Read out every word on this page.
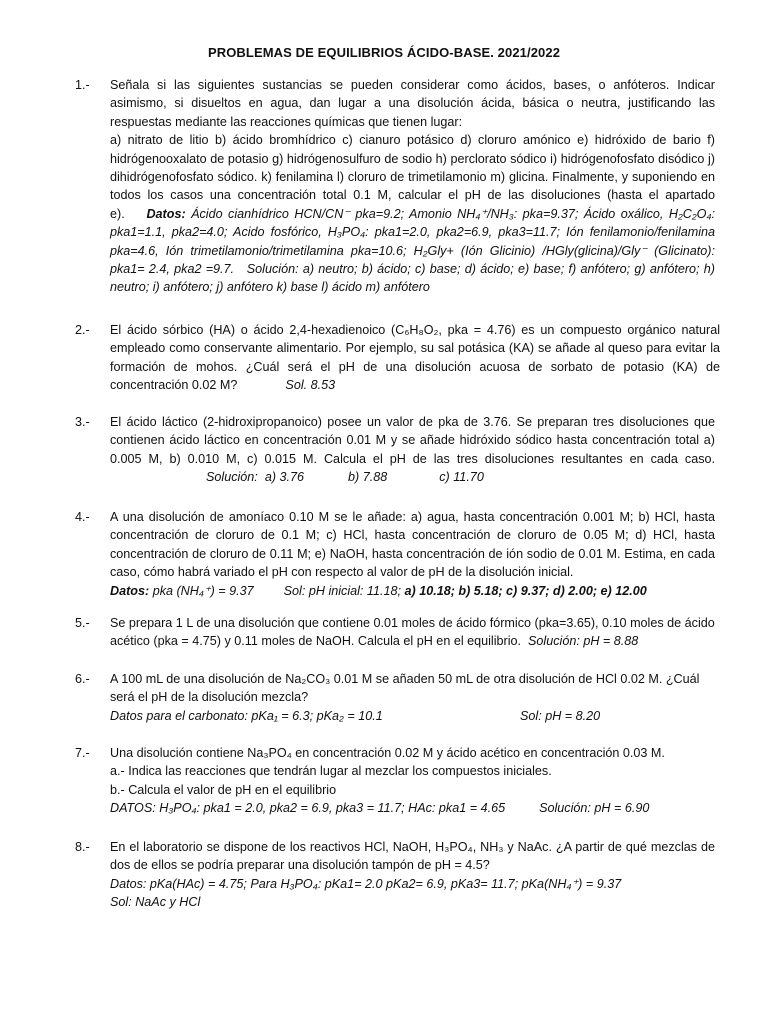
PROBLEMAS DE EQUILIBRIOS ÁCIDO-BASE. 2021/2022
1.-	Señala si las siguientes sustancias se pueden considerar como ácidos, bases, o anfóteros. Indicar asimismo, si disueltos en agua, dan lugar a una disolución ácida, básica o neutra, justificando las respuestas mediante las reacciones químicas que tienen lugar:

a) nitrato de litio b) ácido bromhídrico c) cianuro potásico d) cloruro amónico e) hidróxido de bario f) hidrógenooxalato de potasio g) hidrógenosulfuro de sodio h) perclorato sódico i) hidrógenofosfato disódico j) dihidrógenofosfato sódico. k) fenilamina l) cloruro de trimetilamonio m) glicina. Finalmente, y suponiendo en todos los casos una concentración total 0.1 M, calcular el pH de las disoluciones (hasta el apartado e). Datos: Ácido cianhídrico HCN/CN⁻ pka=9.2; Amonio NH₄⁺/NH₃: pka=9.37; Ácido oxálico, H₂C₂O₄: pka1=1.1, pka2=4.0; Acido fosfórico, H₃PO₄: pka1=2.0, pka2=6.9, pka3=11.7; Ión fenilamonio/fenilamina pka=4.6, Ión trimetilamonio/trimetilamina pka=10.6; H₂Gly+ (Ión Glicinio) /HGly(glicina)/Gly⁻ (Glicinato): pka1= 2.4, pka2 =9.7. Solución: a) neutro; b) ácido; c) base; d) ácido; e) base; f) anfótero; g) anfótero; h) neutro; i) anfótero; j) anfótero k) base l) ácido m) anfótero

2.-	El ácido sórbico (HA) o ácido 2,4-hexadienoico (C₆H₈O₂, pka = 4.76) es un compuesto orgánico natural empleado como conservante alimentario. Por ejemplo, su sal potásica (KA) se añade al queso para evitar la formación de mohos. ¿Cuál será el pH de una disolución acuosa de sorbato de potasio (KA) de concentración 0.02 M?	Sol. 8.53

3.-	El ácido láctico (2-hidroxipropanoico) posee un valor de pka de 3.76. Se preparan tres disoluciones que contienen ácido láctico en concentración 0.01 M y se añade hidróxido sódico hasta concentración total a) 0.005 M, b) 0.010 M, c) 0.015 M. Calcula el pH de las tres disoluciones resultantes en cada caso.Solución: a) 3.76	b) 7.88	c) 11.70

4.-	A una disolución de amoníaco 0.10 M se le añade: a) agua, hasta concentración 0.001 M; b) HCl, hasta concentración de cloruro de 0.1 M; c) HCl, hasta concentración de cloruro de 0.05 M; d) HCl, hasta concentración de cloruro de 0.11 M; e) NaOH, hasta concentración de ión sodio de 0.01 M. Estima, en cada caso, cómo habrá variado el pH con respecto al valor de pH de la disolución inicial.

Datos: pka (NH₄⁺) = 9.37 Sol: pH inicial: 11.18; a) 10.18; b) 5.18; c) 9.37; d) 2.00; e) 12.00

5.-	Se prepara 1 L de una disolución que contiene 0.01 moles de ácido fórmico (pka=3.65), 0.10 moles de ácido acético (pka = 4.75) y 0.11 moles de NaOH. Calcula el pH en el equilibrio. Solución: pH = 8.88

6.-	A 100 mL de una disolución de Na₂CO₃ 0.01 M se añaden 50 mL de otra disolución de HCl 0.02 M. ¿Cuál será el pH de la disolución mezcla?

Datos para el carbonato: pKa₁ = 6.3; pKa₂ = 10.1	Sol: pH = 8.20

7.-	Una disolución contiene Na₃PO₄ en concentración 0.02 M y ácido acético en concentración 0.03 M.

a.- Indica las reacciones que tendrán lugar al mezclar los compuestos iniciales.

b.- Calcula el valor de pH en el equilibrio

DATOS: H₃PO₄: pka1 = 2.0, pka2 = 6.9, pka3 = 11.7; HAc: pka1 = 4.65	Solución: pH = 6.90

8.-	En el laboratorio se dispone de los reactivos HCl, NaOH, H₃PO₄, NH₃ y NaAc. ¿A partir de qué mezclas de dos de ellos se podría preparar una disolución tampón de pH = 4.5?

Datos: pKa(HAc) = 4.75; Para H₃PO₄: pKa1= 2.0 pKa2= 6.9, pKa3= 11.7; pKa(NH₄⁺) = 9.37

Sol: NaAc y HCl
